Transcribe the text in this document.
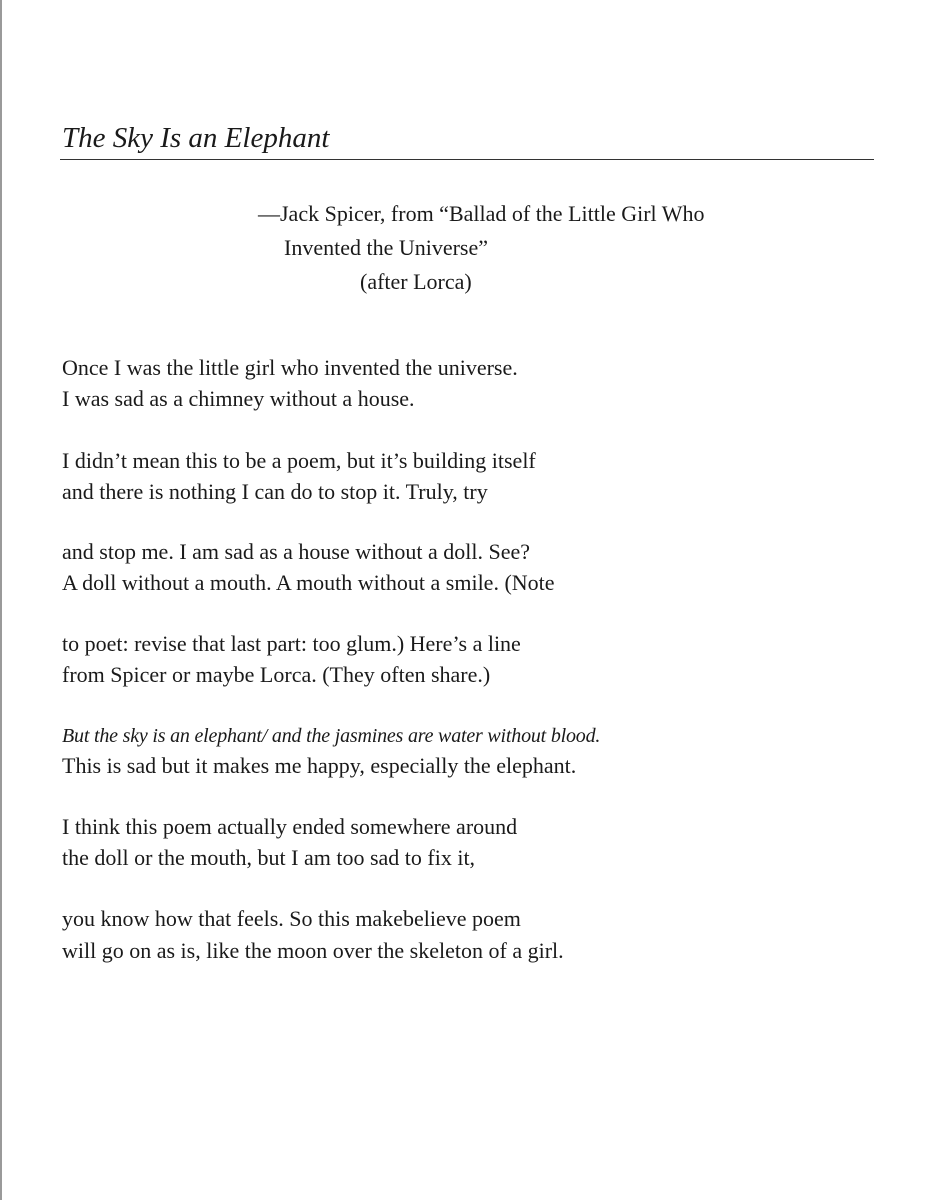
The Sky Is an Elephant
—Jack Spicer, from “Ballad of the Little Girl Who
Invented the Universe”
(after Lorca)
Once I was the little girl who invented the universe.
I was sad as a chimney without a house.
I didn’t mean this to be a poem, but it’s building itself
and there is nothing I can do to stop it. Truly, try
and stop me. I am sad as a house without a doll. See?
A doll without a mouth. A mouth without a smile. (Note
to poet: revise that last part: too glum.) Here’s a line
from Spicer or maybe Lorca. (They often share.)
But the sky is an elephant/ and the jasmines are water without blood.
This is sad but it makes me happy, especially the elephant.
I think this poem actually ended somewhere around
the doll or the mouth, but I am too sad to fix it,
you know how that feels. So this makebelieve poem
will go on as is, like the moon over the skeleton of a girl.
